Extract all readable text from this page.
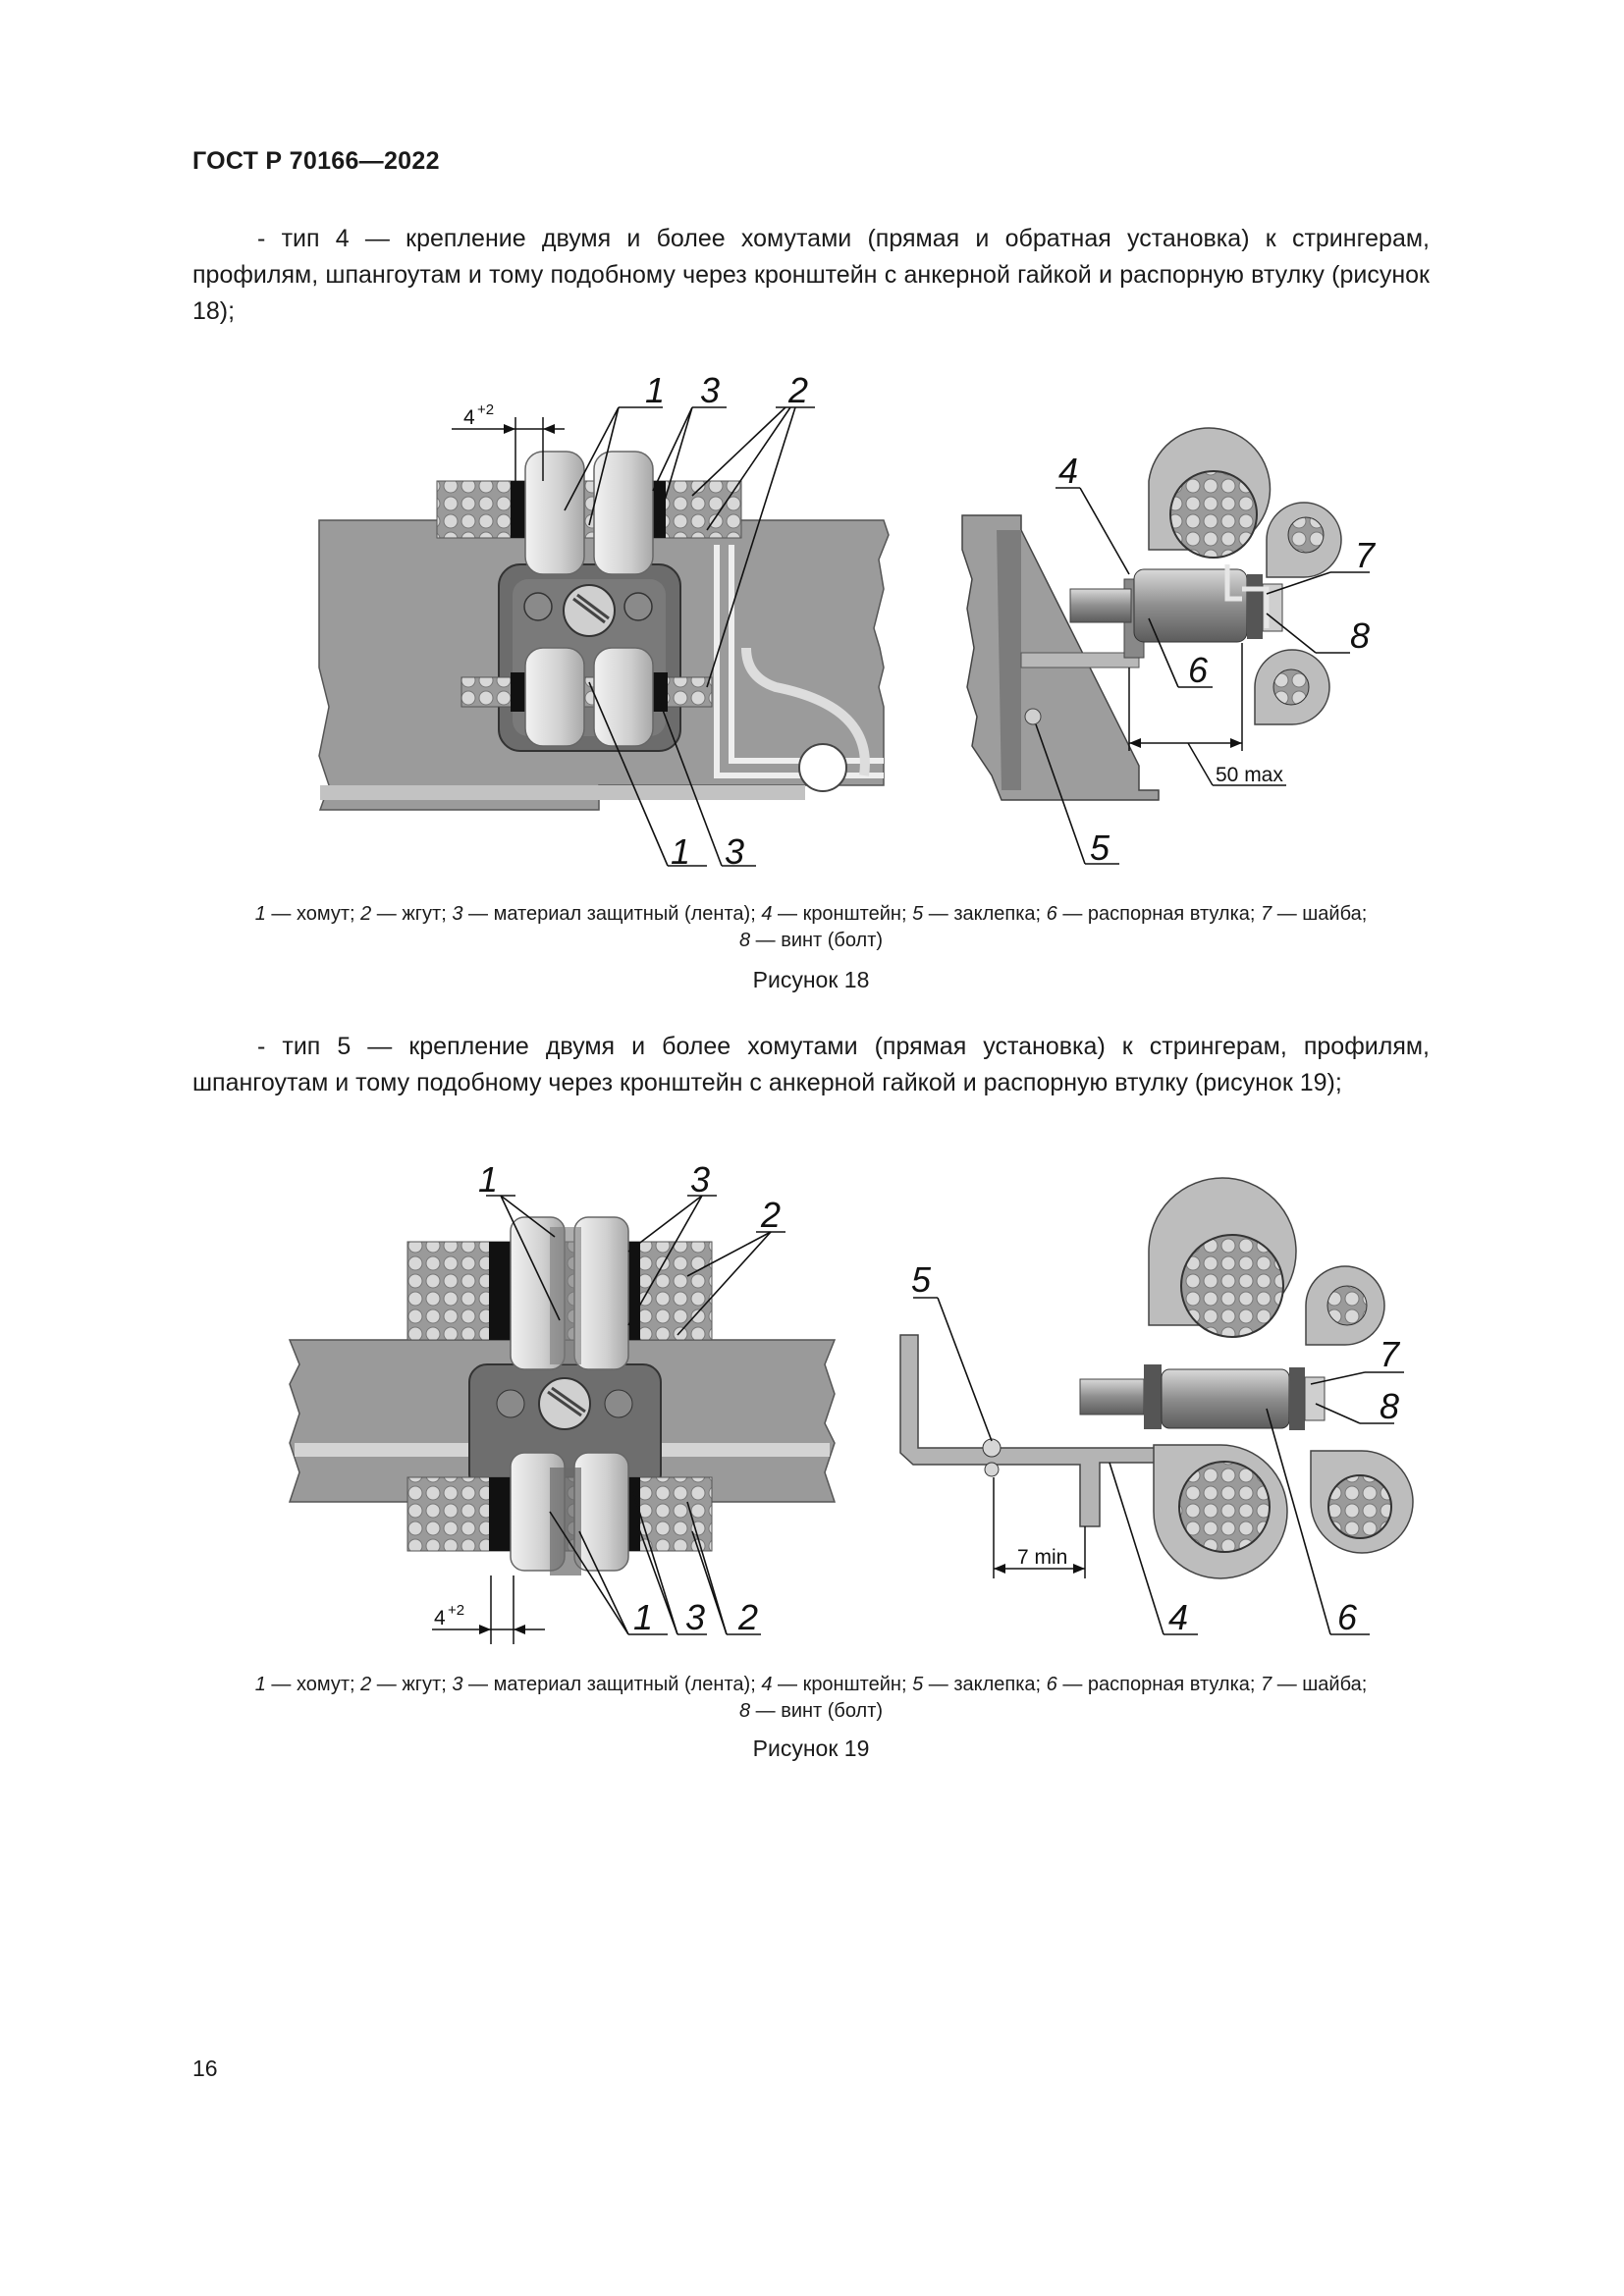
ГОСТ Р 70166—2022
- тип 4 — крепление двумя и более хомутами (прямая и обратная установка) к стрингерам, профилям, шпангоутам и тому подобному через кронштейн с анкерной гайкой и распорную втулку (рисунок 18);
4 +2	1 3 2
1 3
50 max
4
7
8
6
5
1 — хомут; 2 — жгут; 3 — материал защитный (лента); 4 — кронштейн; 5 — заклепка; 6 — распорная втулка; 7 — шайба;
8 — винт (болт)
Рисунок 18
- тип 5 — крепление двумя и более хомутами (прямая установка) к стрингерам, профилям, шпангоутам и тому подобному через кронштейн с анкерной гайкой и распорную втулку (рисунок 19);
4 +2
1	3
2
1 3 2
7 min
5
7
8
4	6
1 — хомут; 2 — жгут; 3 — материал защитный (лента); 4 — кронштейн; 5 — заклепка; 6 — распорная втулка; 7 — шайба;
8 — винт (болт)
Рисунок 19
16
